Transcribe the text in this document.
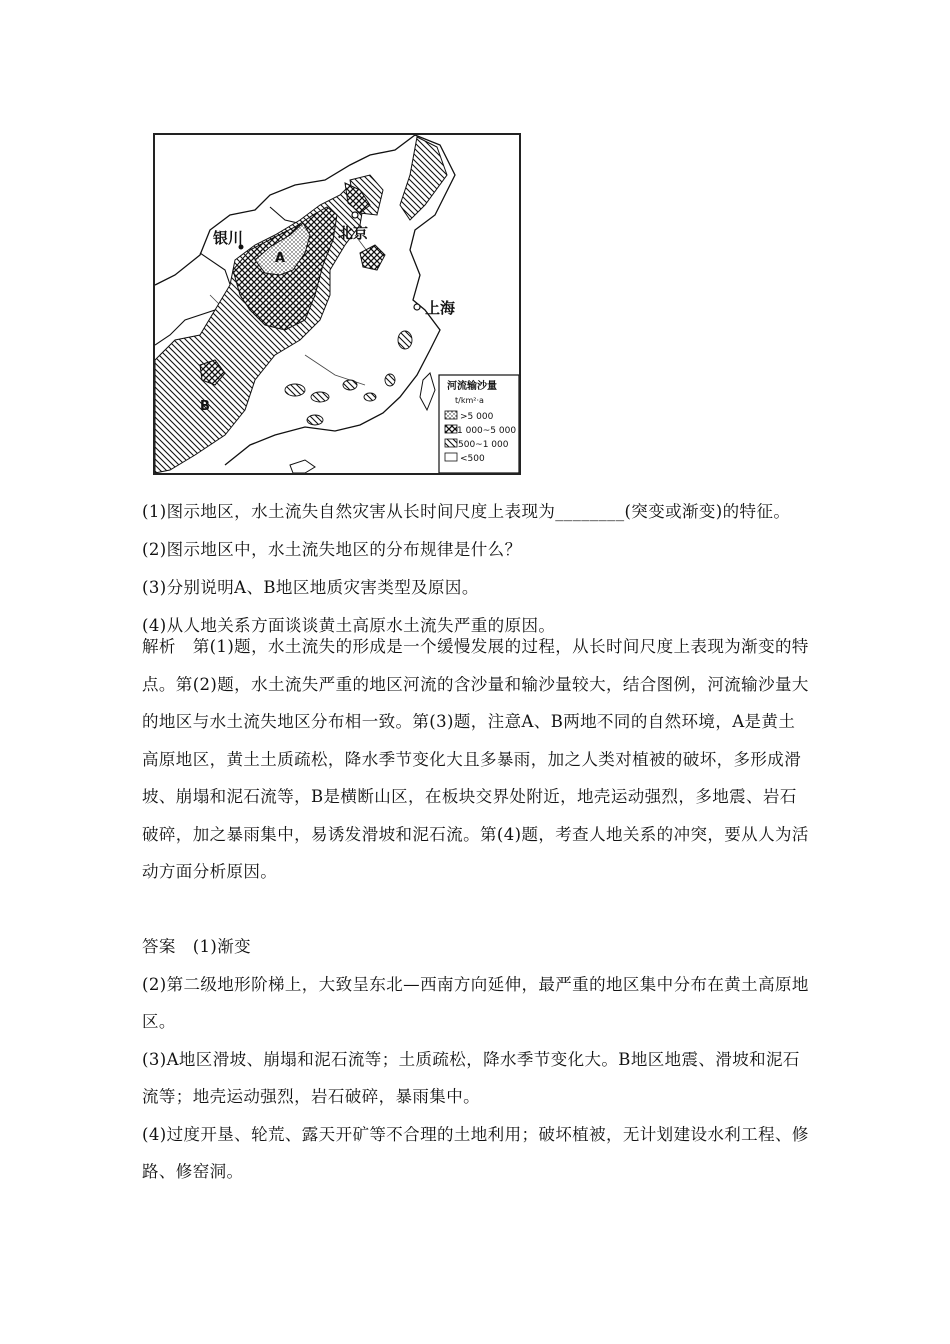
银川	北京
上海
A
B
河流输沙量
t/km²·a
>5 000
1 000~5 000
500~1 000
<500
(1)图示地区，水土流失自然灾害从长时间尺度上表现为________(突变或渐变)的特征。
(2)图示地区中，水土流失地区的分布规律是什么？
(3)分别说明A、B地区地质灾害类型及原因。
(4)从人地关系方面谈谈黄土高原水土流失严重的原因。
解析　第(1)题，水土流失的形成是一个缓慢发展的过程，从长时间尺度上表现为渐变的特
点。第(2)题，水土流失严重的地区河流的含沙量和输沙量较大，结合图例，河流输沙量大
的地区与水土流失地区分布相一致。第(3)题，注意A、B两地不同的自然环境，A是黄土
高原地区，黄土土质疏松，降水季节变化大且多暴雨，加之人类对植被的破坏，多形成滑
坡、崩塌和泥石流等，B是横断山区，在板块交界处附近，地壳运动强烈，多地震、岩石
破碎，加之暴雨集中，易诱发滑坡和泥石流。第(4)题，考查人地关系的冲突，要从人为活
动方面分析原因。
答案　(1)渐变
(2)第二级地形阶梯上，大致呈东北—西南方向延伸，最严重的地区集中分布在黄土高原地
区。
(3)A地区滑坡、崩塌和泥石流等；土质疏松，降水季节变化大。B地区地震、滑坡和泥石
流等；地壳运动强烈，岩石破碎，暴雨集中。
(4)过度开垦、轮荒、露天开矿等不合理的土地利用；破坏植被，无计划建设水利工程、修
路、修窑洞。
